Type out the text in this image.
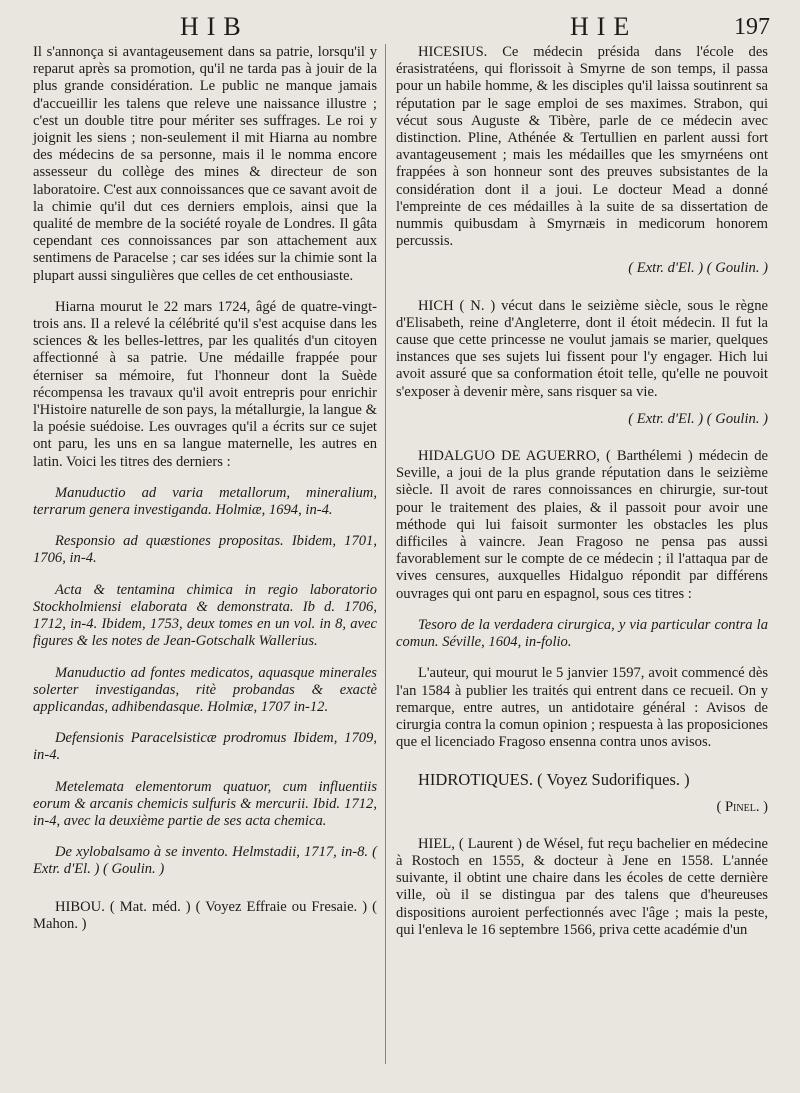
HIB	HIE	197

Il s'annonça si avantageusement dans sa patrie, lorsqu'il y reparut après sa promotion, qu'il ne tarda pas à jouir de la plus grande considération. Le public ne manque jamais d'accueillir les talens que releve une naissance illustre ; c'est un double titre pour mériter ses suffrages. Le roi y joignit les siens ; non-seulement il mit Hiarna au nombre des médecins de sa personne, mais il le nomma encore assesseur du collège des mines & directeur de son laboratoire. C'est aux connoissances que ce savant avoit de la chimie qu'il dut ces derniers emplois, ainsi que la qualité de membre de la société royale de Londres. Il gâta cependant ces connoissances par son attachement aux sentimens de Paracelse ; car ses idées sur la chimie sont la plupart aussi singulières que celles de cet enthousiaste.

Hiarna mourut le 22 mars 1724, âgé de quatre-vingt-trois ans. Il a relevé la célébrité qu'il s'est acquise dans les sciences & les belles-lettres, par les qualités d'un citoyen affectionné à sa patrie. Une médaille frappée pour éterniser sa mémoire, fut l'honneur dont la Suède récompensa les travaux qu'il avoit entrepris pour enrichir l'Histoire naturelle de son pays, la métallurgie, la langue & la poésie suédoise. Les ouvrages qu'il a écrits sur ce sujet ont paru, les uns en sa langue maternelle, les autres en latin. Voici les titres des derniers :

Manuductio ad varia metallorum, mineralium, terrarum genera investiganda. Holmiæ, 1694, in-4.

Responsio ad quæstiones propositas. Ibidem, 1701, 1706, in-4.

Acta & tentamina chimica in regio laboratorio Stockholmiensi elaborata & demonstrata. Ib d. 1706, 1712, in-4. Ibidem, 1753, deux tomes en un vol. in 8, avec figures & les notes de Jean-Gotschalk Wallerius.

Manuductio ad fontes medicatos, aquasque minerales solerter investigandas, ritè probandas & exactè applicandas, adhibendasque. Holmiæ, 1707 in-12.

Defensionis Paracelsisticæ prodromus Ibidem, 1709, in-4.

Metelemata elementorum quatuor, cum influentiis eorum & arcanis chemicis sulfuris & mercurii. Ibid. 1712, in-4, avec la deuxième partie de ses acta chemica.

De xylobalsamo à se invento. Helmstadii, 1717, in-8. ( Extr. d'El. ) ( Goulin. )

HIBOU. ( Mat. méd. ) ( Voyez Effraie ou Fresaie. ) ( Mahon. )

HICESIUS. Ce médecin présida dans l'école des érasistratéens, qui florissoit à Smyrne de son temps, il passa pour un habile homme, & les disciples qu'il laissa soutinrent sa réputation par le sage emploi de ses maximes. Strabon, qui vécut sous Auguste & Tibère, parle de ce médecin avec distinction. Pline, Athénée & Tertullien en parlent aussi fort avantageusement ; mais les médailles que les smyrnéens ont frappées à son honneur sont des preuves subsistantes de la considération dont il a joui. Le docteur Mead a donné l'empreinte de ces médailles à la suite de sa dissertation de nummis quibusdam à Smyrnæis in medicorum honorem percussis.

( Extr. d'El. ) ( Goulin. )

HICH ( N. ) vécut dans le seizième siècle, sous le règne d'Elisabeth, reine d'Angleterre, dont il étoit médecin. Il fut la cause que cette princesse ne voulut jamais se marier, quelques instances que ses sujets lui fissent pour l'y engager. Hich lui avoit assuré que sa conformation étoit telle, qu'elle ne pouvoit s'exposer à devenir mère, sans risquer sa vie.

( Extr. d'El. ) ( Goulin. )

HIDALGUO DE AGUERRO, ( Barthélemi ) médecin de Seville, a joui de la plus grande réputation dans le seizième siècle. Il avoit de rares connoissances en chirurgie, sur-tout pour le traitement des plaies, & il passoit pour avoir une méthode qui lui faisoit surmonter les obstacles les plus difficiles à vaincre. Jean Fragoso ne pensa pas aussi favorablement sur le compte de ce médecin ; il l'attaqua par de vives censures, auxquelles Hidalguo répondit par différens ouvrages qui ont paru en espagnol, sous ces titres :

Tesoro de la verdadera cirurgica, y via particular contra la comun. Séville, 1604, in-folio.

L'auteur, qui mourut le 5 janvier 1597, avoit commencé dès l'an 1584 à publier les traités qui entrent dans ce recueil. On y remarque, entre autres, un antidotaire général : Avisos de cirurgia contra la comun opinion ; respuesta à las proposiciones que el licenciado Fragoso ensenna contra unos avisos.

HIDROTIQUES. ( Voyez Sudorifiques. )

( Pinel. )

HIEL, ( Laurent ) de Wésel, fut reçu bachelier en médecine à Rostoch en 1555, & docteur à Jene en 1558. L'année suivante, il obtint une chaire dans les écoles de cette dernière ville, où il se distingua par des talens que d'heureuses dispositions auroient perfectionnés avec l'âge ; mais la peste, qui l'enleva le 16 septembre 1566, priva cette académie d'un
